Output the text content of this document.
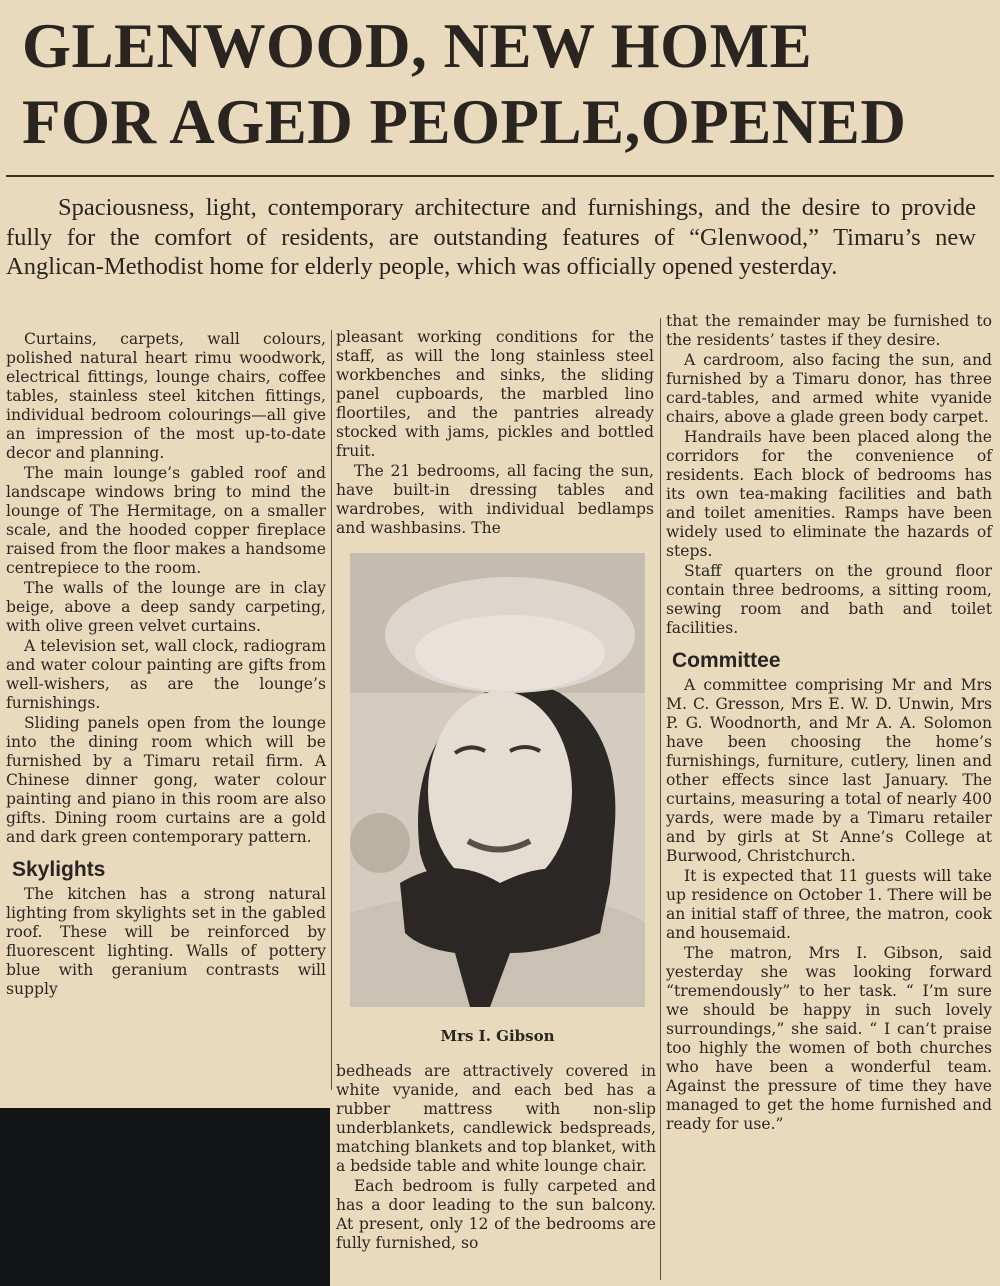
GLENWOOD, NEW HOME
FOR AGED PEOPLE,OPENED

Spaciousness, light, contemporary architecture and furnishings, and the desire to provide fully for the comfort of residents, are outstanding features of “Glenwood,” Timaru’s new Anglican-Methodist home for elderly people, which was officially opened yesterday.

Curtains, carpets, wall colours, polished natural heart rimu woodwork, electrical fittings, lounge chairs, coffee tables, stainless steel kitchen fittings, individual bedroom colourings—all give an impression of the most up-to-date decor and planning.

The main lounge’s gabled roof and landscape windows bring to mind the lounge of The Hermitage, on a smaller scale, and the hooded copper fireplace raised from the floor makes a handsome centrepiece to the room.

The walls of the lounge are in clay beige, above a deep sandy carpeting, with olive green velvet curtains.

A television set, wall clock, radiogram and water colour painting are gifts from well-wishers, as are the lounge’s furnishings.

Sliding panels open from the lounge into the dining room which will be furnished by a Timaru retail firm. A Chinese dinner gong, water colour painting and piano in this room are also gifts. Dining room curtains are a gold and dark green contemporary pattern.

Skylights

The kitchen has a strong natural lighting from skylights set in the gabled roof. These will be reinforced by fluorescent lighting. Walls of pottery blue with geranium contrasts will supply

pleasant working conditions for the staff, as will the long stainless steel workbenches and sinks, the sliding panel cupboards, the marbled lino floortiles, and the pantries already stocked with jams, pickles and bottled fruit.

The 21 bedrooms, all facing the sun, have built-in dressing tables and wardrobes, with individual bedlamps and washbasins. The

Mrs I. Gibson

bedheads are attractively covered in white vyanide, and each bed has a rubber mattress with non-slip underblankets, candlewick bedspreads, matching blankets and top blanket, with a bedside table and white lounge chair.

Each bedroom is fully carpeted and has a door leading to the sun balcony. At present, only 12 of the bedrooms are fully furnished, so

that the remainder may be furnished to the residents’ tastes if they desire.

A cardroom, also facing the sun, and furnished by a Timaru donor, has three card-tables, and armed white vyanide chairs, above a glade green body carpet.

Handrails have been placed along the corridors for the convenience of residents. Each block of bedrooms has its own tea-making facilities and bath and toilet amenities. Ramps have been widely used to eliminate the hazards of steps.

Staff quarters on the ground floor contain three bedrooms, a sitting room, sewing room and bath and toilet facilities.

Committee

A committee comprising Mr and Mrs M. C. Gresson, Mrs E. W. D. Unwin, Mrs P. G. Woodnorth, and Mr A. A. Solomon have been choosing the home’s furnishings, furniture, cutlery, linen and other effects since last January. The curtains, measuring a total of nearly 400 yards, were made by a Timaru retailer and by girls at St Anne’s College at Burwood, Christchurch.

It is expected that 11 guests will take up residence on October 1. There will be an initial staff of three, the matron, cook and housemaid.

The matron, Mrs I. Gibson, said yesterday she was looking forward “tremendously” to her task. “ I’m sure we should be happy in such lovely surroundings,” she said. “ I can’t praise too highly the women of both churches who have been a wonderful team. Against the pressure of time they have managed to get the home furnished and ready for use.”
